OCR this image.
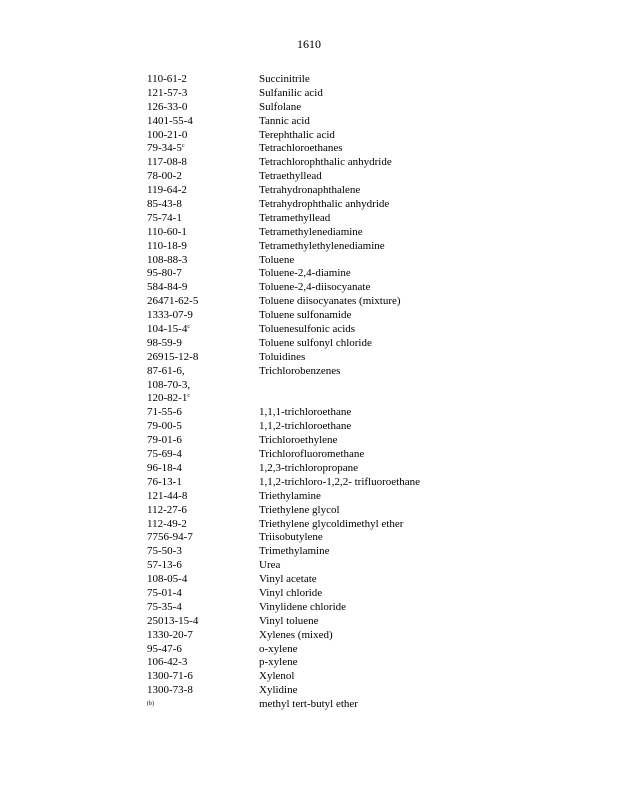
1610
110-61-2	Succinitrile
121-57-3	Sulfanilic acid
126-33-0	Sulfolane
1401-55-4	Tannic acid
100-21-0	Terephthalic acid
79-34-5$^c$	Tetrachloroethanes
117-08-8	Tetrachlorophthalic anhydride
78-00-2	Tetraethyllead
119-64-2	Tetrahydronaphthalene
85-43-8	Tetrahydrophthalic anhydride
75-74-1	Tetramethyllead
110-60-1	Tetramethylenediamine
110-18-9	Tetramethylethylenediamine
108-88-3	Toluene
95-80-7	Toluene-2,4-diamine
584-84-9	Toluene-2,4-diisocyanate
26471-62-5	Toluene diisocyanates (mixture)
1333-07-9	Toluene sulfonamide
104-15-4$^c$	Toluenesulfonic acids
98-59-9	Toluene sulfonyl chloride
26915-12-8	Toluidines
87-61-6,	Trichlorobenzenes
108-70-3,
120-82-1$^c$
71-55-6	1,1,1-trichloroethane
79-00-5	1,1,2-trichloroethane
79-01-6	Trichloroethylene
75-69-4	Trichlorofluoromethane
96-18-4	1,2,3-trichloropropane
76-13-1	1,1,2-trichloro-1,2,2- trifluoroethane
121-44-8	Triethylamine
112-27-6	Triethylene glycol
112-49-2	Triethylene glycoldimethyl ether
7756-94-7	Triisobutylene
75-50-3	Trimethylamine
57-13-6	Urea
108-05-4	Vinyl acetate
75-01-4	Vinyl chloride
75-35-4	Vinylidene chloride
25013-15-4	Vinyl toluene
1330-20-7	Xylenes (mixed)
95-47-6	o-xylene
106-42-3	p-xylene
1300-71-6	Xylenol
1300-73-8	Xylidine
(b)	methyl tert-butyl ether
